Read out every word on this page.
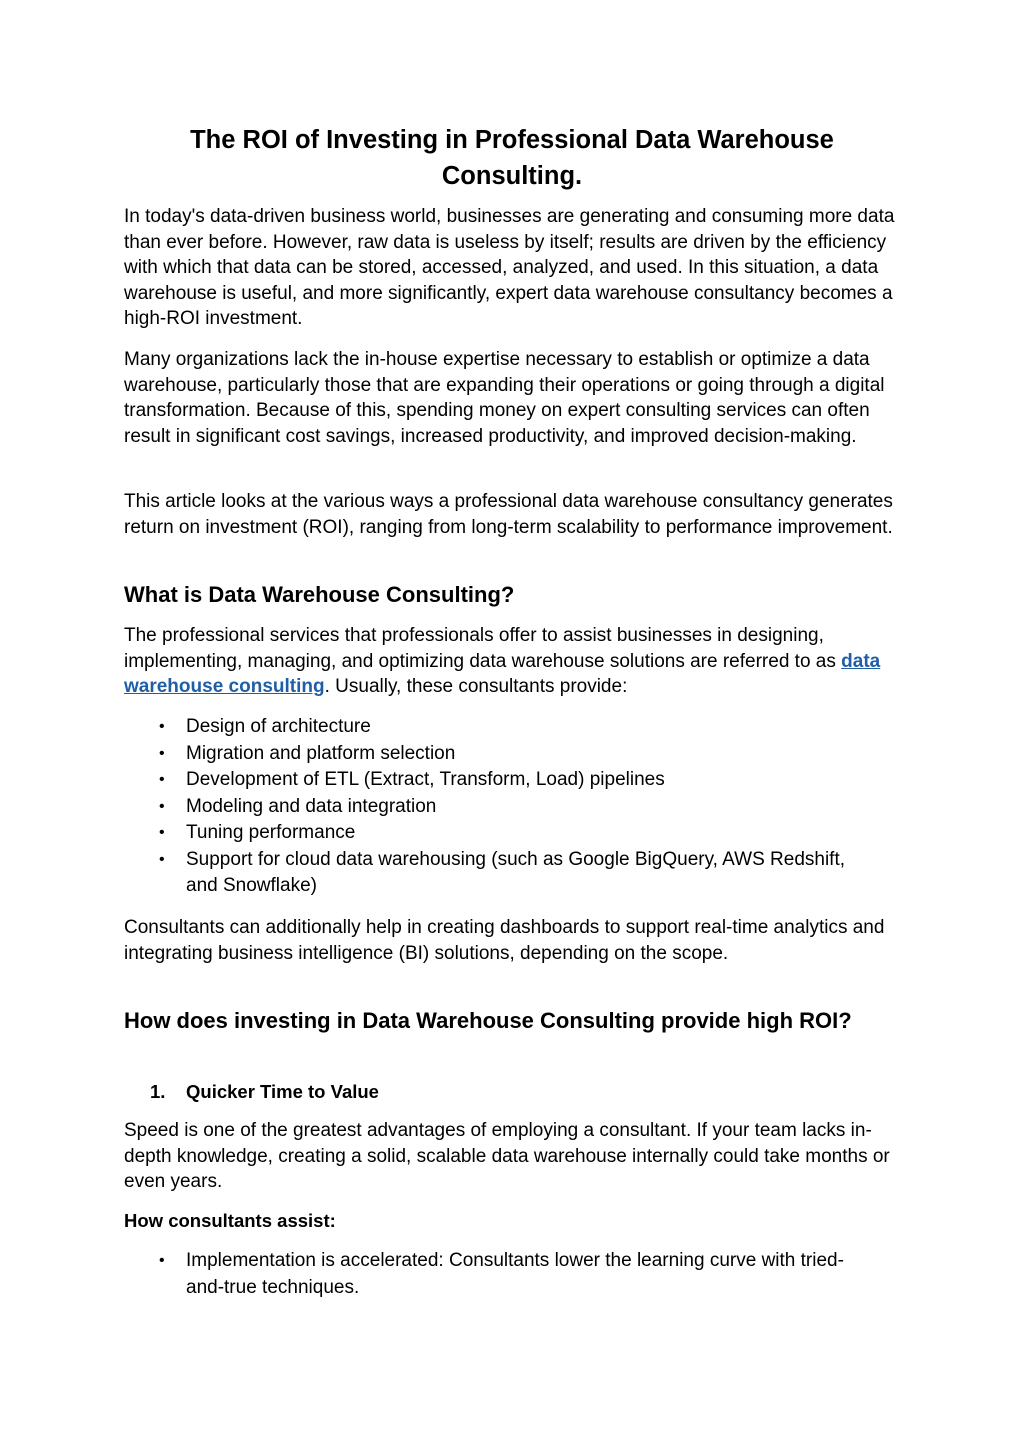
The ROI of Investing in Professional Data Warehouse Consulting.

In today's data-driven business world, businesses are generating and consuming more data than ever before. However, raw data is useless by itself; results are driven by the efficiency with which that data can be stored, accessed, analyzed, and used. In this situation, a data warehouse is useful, and more significantly, expert data warehouse consultancy becomes a high-ROI investment.

Many organizations lack the in-house expertise necessary to establish or optimize a data warehouse, particularly those that are expanding their operations or going through a digital transformation. Because of this, spending money on expert consulting services can often result in significant cost savings, increased productivity, and improved decision-making.

This article looks at the various ways a professional data warehouse consultancy generates return on investment (ROI), ranging from long-term scalability to performance improvement.

What is Data Warehouse Consulting?

The professional services that professionals offer to assist businesses in designing, implementing, managing, and optimizing data warehouse solutions are referred to as data warehouse consulting. Usually, these consultants provide:

• Design of architecture
• Migration and platform selection
• Development of ETL (Extract, Transform, Load) pipelines
• Modeling and data integration
• Tuning performance
• Support for cloud data warehousing (such as Google BigQuery, AWS Redshift, and Snowflake)

Consultants can additionally help in creating dashboards to support real-time analytics and integrating business intelligence (BI) solutions, depending on the scope.

How does investing in Data Warehouse Consulting provide high ROI?
1. Quicker Time to Value

Speed is one of the greatest advantages of employing a consultant. If your team lacks in-depth knowledge, creating a solid, scalable data warehouse internally could take months or even years.

How consultants assist:
• Implementation is accelerated: Consultants lower the learning curve with tried-and-true techniques.
